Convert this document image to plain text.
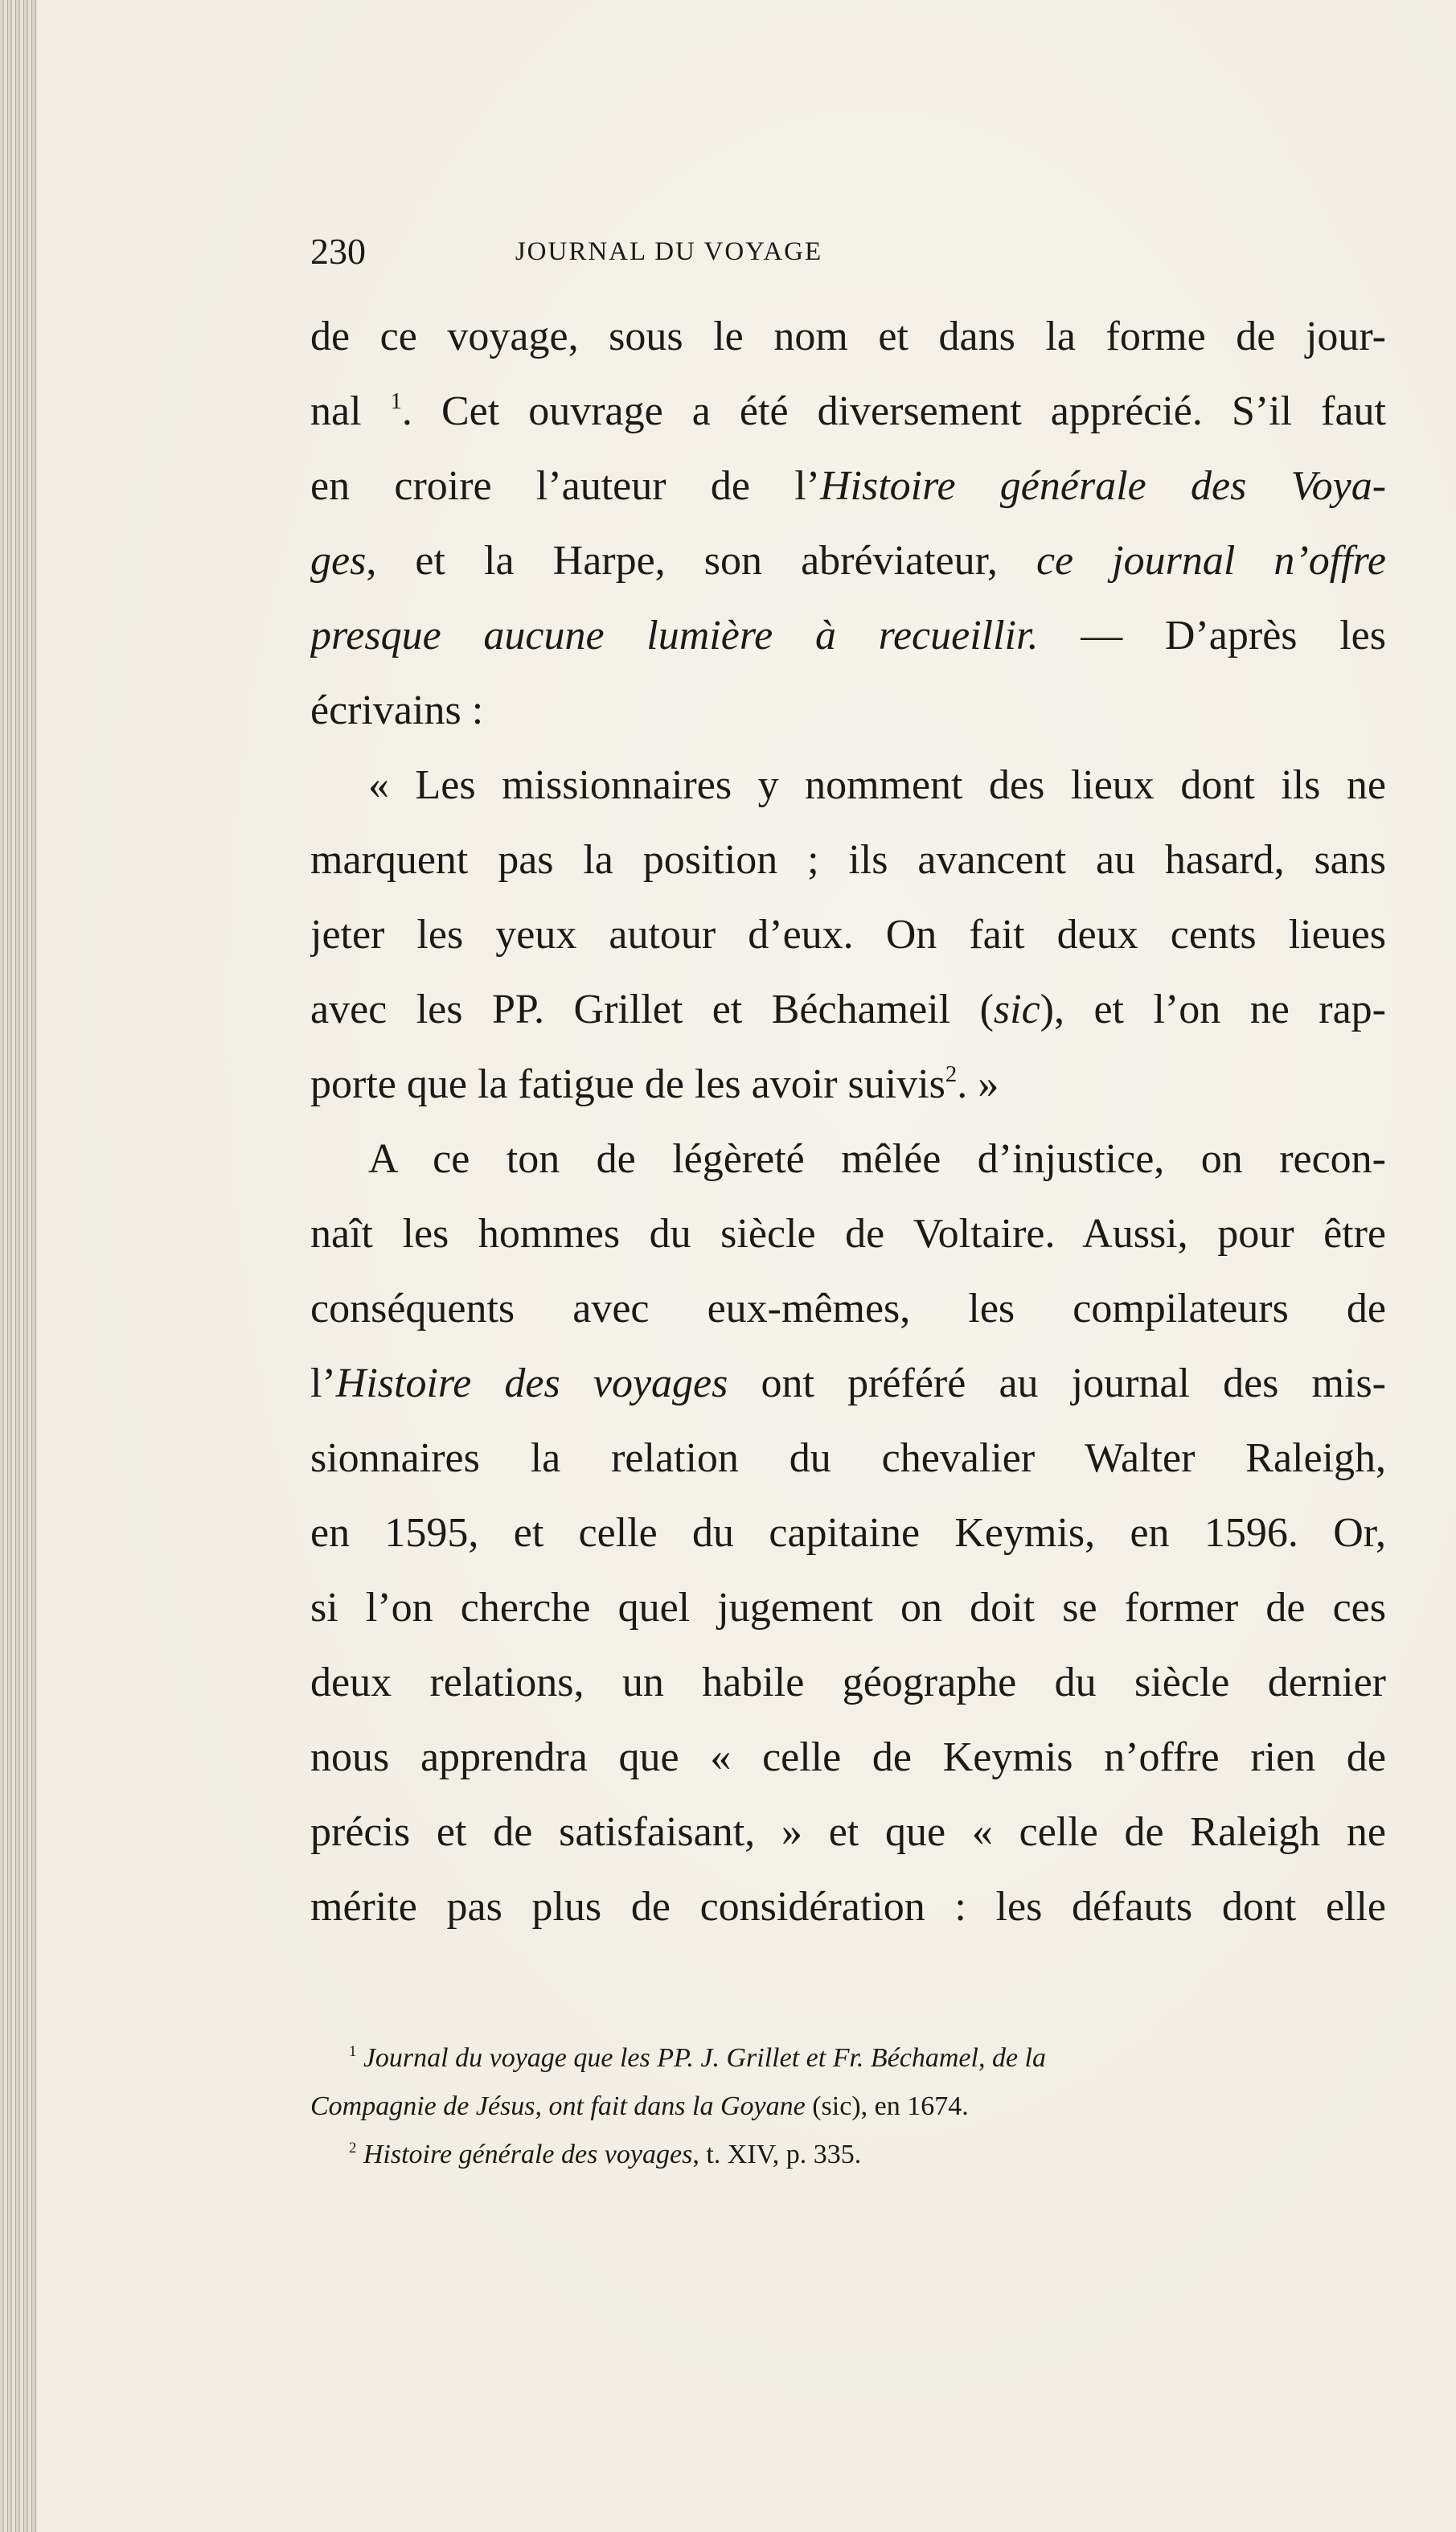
230	JOURNAL DU VOYAGE
de ce voyage, sous le nom et dans la forme de jour-
nal $^1$. Cet ouvrage a été diversement apprécié. S’il faut
en croire l’auteur de l’Histoire générale des Voya-
ges, et la Harpe, son abréviateur, ce journal n’offre
presque aucune lumière à recueillir. — D’après les
écrivains :
« Les missionnaires y nomment des lieux dont ils ne
marquent pas la position ; ils avancent au hasard, sans
jeter les yeux autour d’eux. On fait deux cents lieues
avec les PP. Grillet et Béchameil (sic), et l’on ne rap-
porte que la fatigue de les avoir suivis$^2$. »
A ce ton de légèreté mêlée d’injustice, on recon-
naît les hommes du siècle de Voltaire. Aussi, pour être
conséquents avec eux-mêmes, les compilateurs de
l’Histoire des voyages ont préféré au journal des mis-
sionnaires la relation du chevalier Walter Raleigh,
en 1595, et celle du capitaine Keymis, en 1596. Or,
si l’on cherche quel jugement on doit se former de ces
deux relations, un habile géographe du siècle dernier
nous apprendra que « celle de Keymis n’offre rien de
précis et de satisfaisant, » et que « celle de Raleigh ne
mérite pas plus de considération : les défauts dont elle
$^1$ Journal du voyage que les PP. J. Grillet et Fr. Béchamel, de la
Compagnie de Jésus, ont fait dans la Goyane (sic), en 1674.
$^2$ Histoire générale des voyages, t. XIV, p. 335.
